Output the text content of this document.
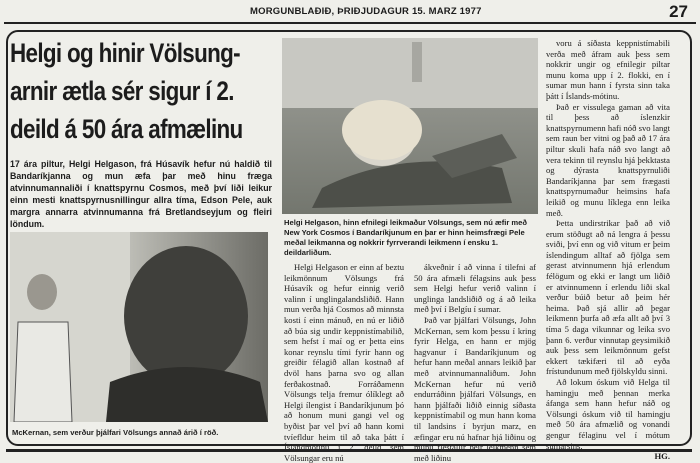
MORGUNBLAÐIÐ, ÞRIÐJUDAGUR 15. MARZ 1977	27
Helgi og hinir Völsung-arnir ætla sér sigur í 2. deild á 50 ára afmælinu

17 ára piltur, Helgi Helgason, frá Húsavík hefur nú haldið til Bandaríkjanna og mun æfa þar með hinu fræga atvinnumannaliði í knattspyrnu Cosmos, með því liði leikur einn mesti knattspyrnusnillingur allra tíma, Edson Pele, auk margra annarra atvinnumanna frá Bretlandseyjum og fleiri löndum.	Helgi Helgason, hinn efnilegi leikmaður Völsungs, sem nú æfir með New York Cosmos í Bandaríkjunum en þar er hinn heimsfrægi Pele meðal leikmanna og nokkrir fyrrverandi leikmenn í ensku 1. deildarliðum.

McKernan, sem verður þjálfari Völsungs annað árið í röð.

Helgi Helgason er einn af beztu leikmönnum Völsungs frá Húsavík og hefur einnig verið valinn í unglingalandsliðið. Hann mun verða hjá Cosmos að minnsta kosti í einn mánuð, en nú er liðið að búa sig undir keppnistímabilið, sem hefst í maí og er þetta eins konar reynslu tími fyrir hann og greiðir félagið allan kostnað af dvöl hans þarna svo og allan ferðakostnað. Forráðamenn Völsungs telja fremur ólíklegt að Helgi ílengist í Bandaríkjunum þó að honum muni gangi vel og byðist þar vel því að hann komi tvíefldur heim til að taka þátt í Íslandmótinu í 2. deild sem Völsungar eru nú

ákveðnir í að vinna í tilefni af 50 ára afmæli félagsins auk þess sem Helgi hefur verið valinn í unglinga landsliðið og á að leika með því í Belgíu í sumar.

Það var þjálfari Völsungs, John McKernan, sem kom þessu í kring fyrir Helga, en hann er mjög hagvanur í Bandaríkjunum og hefur hann meðal annars leikið þar með atvinnumannaliðum. John McKernan hefur nú verið endurráðinn þjálfari Völsungs, en hann þjálfaði liðið einnig síðasta keppnistímabil og mun hann koma til landsins í byrjun marz, en æfingar eru nú hafnar hjá liðinu og munu flestallir þeir leikmenn sem með liðinu

voru á síðasta keppnistímabili verða með áfram auk þess sem nokkrir ungir og efnilegir piltar munu koma upp í 2. flokki, en í sumar mun hann í fyrsta sinn taka þátt í Íslands-mótinu.

Það er vissulega gaman að vita til þess að íslenzkir knattspyrnumenn hafi nóð svo langt sem raun ber vitni og það að 17 ára piltur skuli hafa náð svo langt að vera tekinn til reynslu hjá þekktasta og dýrasta knattspyrnuliði Bandaríkjanna þar sem frægasti knattspyrnumaður heimsins hafa leikið og munu líklega enn leika með.

Þetta undirstrikar það að við erum stöðugt að ná lengra á þessu sviði, því enn og við vitum er þeim íslendingum alltaf að fjölga sem gerast atvinnumenn hjá erlendum félögum og ekki er langt um liðið er atvinnumenn í erlendu liði skal verður búið betur að þeim hér heima. Það sjá allir að þegar leikmenn þurfa að æfa allt að því 3 tíma 5 daga vikunnar og leika svo þann 6. verður vinnutap geysimikið auk þess sem leikmönnum gefst ekkert tækifæri til að eyða frístundunum með fjölskyldu sinni.

Að lokum óskum við Helga til hamingju með þennan merka áfanga sem hann hefur náð og Völsungi óskum við til hamingju með 50 ára afmælið og vonandi gengur félaginu vel í mótum sumarsins.

HG.
